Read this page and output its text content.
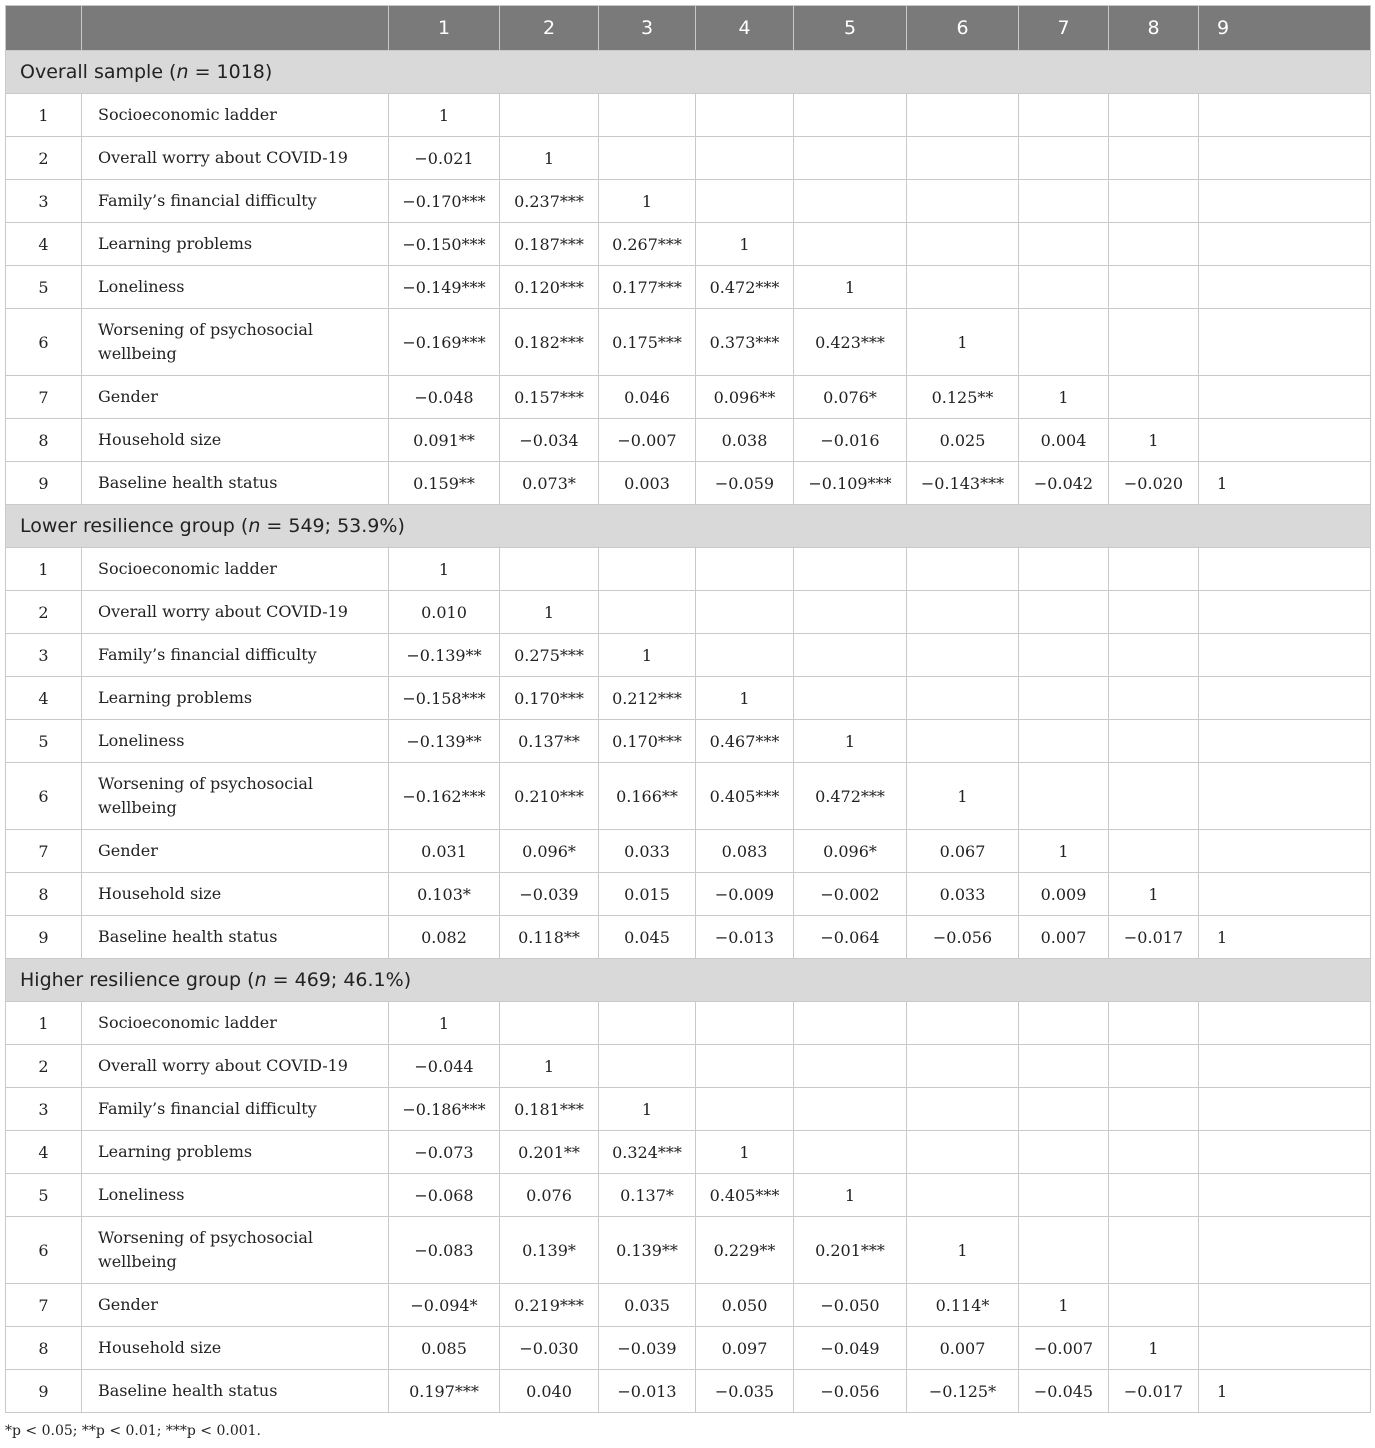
		1	2	3	4	5	6	7	8	9
Overall sample (n = 1018)										
1	Socioeconomic ladder	1								
2	Overall worry about COVID-19	−0.021	1							
3	Family’s financial difficulty	−0.170***	0.237***	1						
4	Learning problems	−0.150***	0.187***	0.267***	1					
5	Loneliness	−0.149***	0.120***	0.177***	0.472***	1				
6	Worsening of psychosocial wellbeing	−0.169***	0.182***	0.175***	0.373***	0.423***	1			
7	Gender	−0.048	0.157***	0.046	0.096**	0.076*	0.125**	1		
8	Household size	0.091**	−0.034	−0.007	0.038	−0.016	0.025	0.004	1	
9	Baseline health status	0.159**	0.073*	0.003	−0.059	−0.109***	−0.143***	−0.042	−0.020	1
Lower resilience group (n = 549; 53.9%)										
1	Socioeconomic ladder	1								
2	Overall worry about COVID-19	0.010	1							
3	Family’s financial difficulty	−0.139**	0.275***	1						
4	Learning problems	−0.158***	0.170***	0.212***	1					
5	Loneliness	−0.139**	0.137**	0.170***	0.467***	1				
6	Worsening of psychosocial wellbeing	−0.162***	0.210***	0.166**	0.405***	0.472***	1			
7	Gender	0.031	0.096*	0.033	0.083	0.096*	0.067	1		
8	Household size	0.103*	−0.039	0.015	−0.009	−0.002	0.033	0.009	1	
9	Baseline health status	0.082	0.118**	0.045	−0.013	−0.064	−0.056	0.007	−0.017	1
Higher resilience group (n = 469; 46.1%)										
1	Socioeconomic ladder	1								
2	Overall worry about COVID-19	−0.044	1							
3	Family’s financial difficulty	−0.186***	0.181***	1						
4	Learning problems	−0.073	0.201**	0.324***	1					
5	Loneliness	−0.068	0.076	0.137*	0.405***	1				
6	Worsening of psychosocial wellbeing	−0.083	0.139*	0.139**	0.229**	0.201***	1			
7	Gender	−0.094*	0.219***	0.035	0.050	−0.050	0.114*	1		
8	Household size	0.085	−0.030	−0.039	0.097	−0.049	0.007	−0.007	1	
9	Baseline health status	0.197***	0.040	−0.013	−0.035	−0.056	−0.125*	−0.045	−0.017	1
*p < 0.05; **p < 0.01; ***p < 0.001.
